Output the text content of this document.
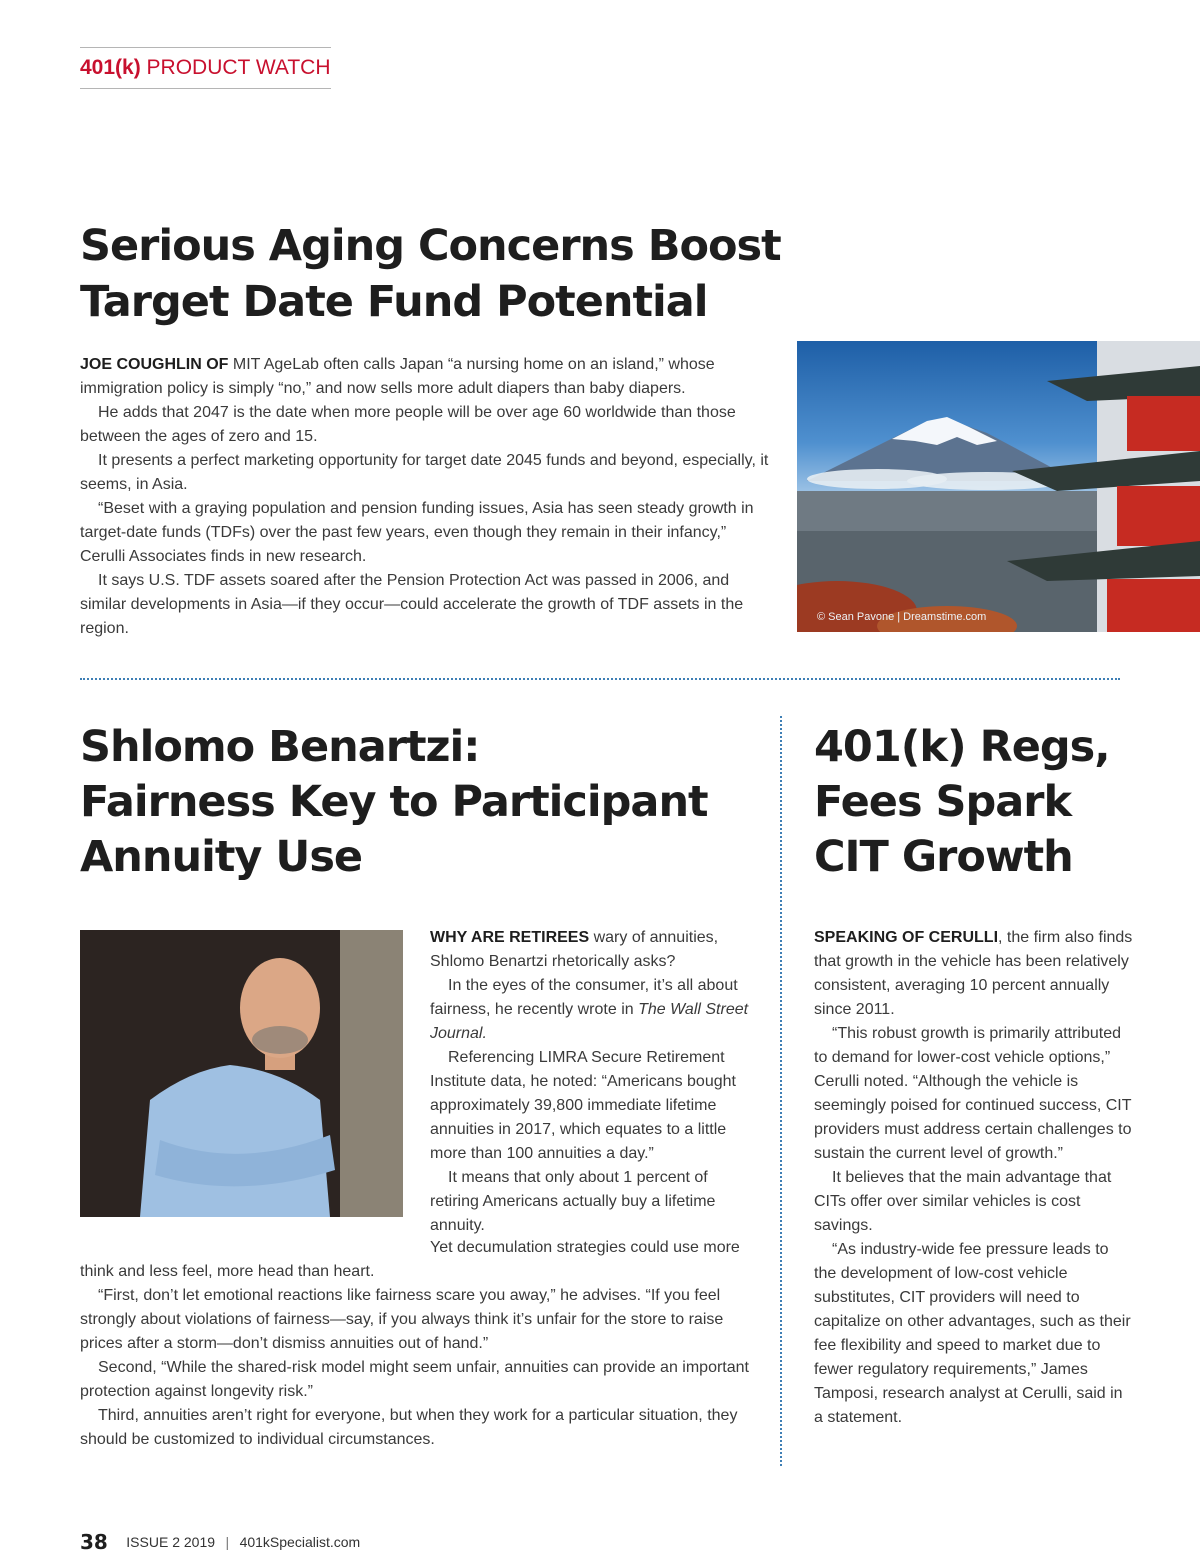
401(k) PRODUCT WATCH
Serious Aging Concerns Boost
Target Date Fund Potential

JOE COUGHLIN OF MIT AgeLab often calls Japan “a nursing home on an island,” whose immigration policy is simply “no,” and now sells more adult diapers than baby diapers.

He adds that 2047 is the date when more people will be over age 60 worldwide than those between the ages of zero and 15.

It presents a perfect marketing opportunity for target date 2045 funds and beyond, especially, it seems, in Asia.

“Beset with a graying population and pension funding issues, Asia has seen steady growth in target-date funds (TDFs) over the past few years, even though they remain in their infancy,” Cerulli Associates finds in new research.

It says U.S. TDF assets soared after the Pension Protection Act was passed in 2006, and similar developments in Asia—if they occur—could accelerate the growth of TDF assets in the region.

© Sean Pavone | Dreamstime.com
Shlomo Benartzi:
Fairness Key to Participant
Annuity Use

WHY ARE RETIREES wary of annuities, Shlomo Benartzi rhetorically asks?

In the eyes of the consumer, it’s all about fairness, he recently wrote in The Wall Street Journal.

Referencing LIMRA Secure Retirement Institute data, he noted: “Americans bought approximately 39,800 immediate lifetime annuities in 2017, which equates to a little more than 100 annuities a day.”

It means that only about 1 percent of retiring Americans actually buy a lifetime annuity.

Yet decumulation strategies could use more think and less feel, more head than heart.

“First, don’t let emotional reactions like fairness scare you away,” he advises. “If you feel strongly about violations of fairness—say, if you always think it’s unfair for the store to raise prices after a storm—don’t dismiss annuities out of hand.”

Second, “While the shared-risk model might seem unfair, annuities can provide an important protection against longevity risk.”

Third, annuities aren’t right for everyone, but when they work for a particular situation, they should be customized to individual circumstances.

401(k) Regs,
Fees Spark
CIT Growth

SPEAKING OF CERULLI, the firm also finds that growth in the vehicle has been relatively consistent, averaging 10 percent annually since 2011.

“This robust growth is primarily attributed to demand for lower-cost vehicle options,” Cerulli noted. “Although the vehicle is seemingly poised for continued success, CIT providers must address certain challenges to sustain the current level of growth.”

It believes that the main advantage that CITs offer over similar vehicles is cost savings.

“As industry-wide fee pressure leads to the development of low-cost vehicle substitutes, CIT providers will need to capitalize on other advantages, such as their fee flexibility and speed to market due to fewer regulatory requirements,” James Tamposi, research analyst at Cerulli, said in a statement.

38 ISSUE 2 2019 | 401kSpecialist.com
